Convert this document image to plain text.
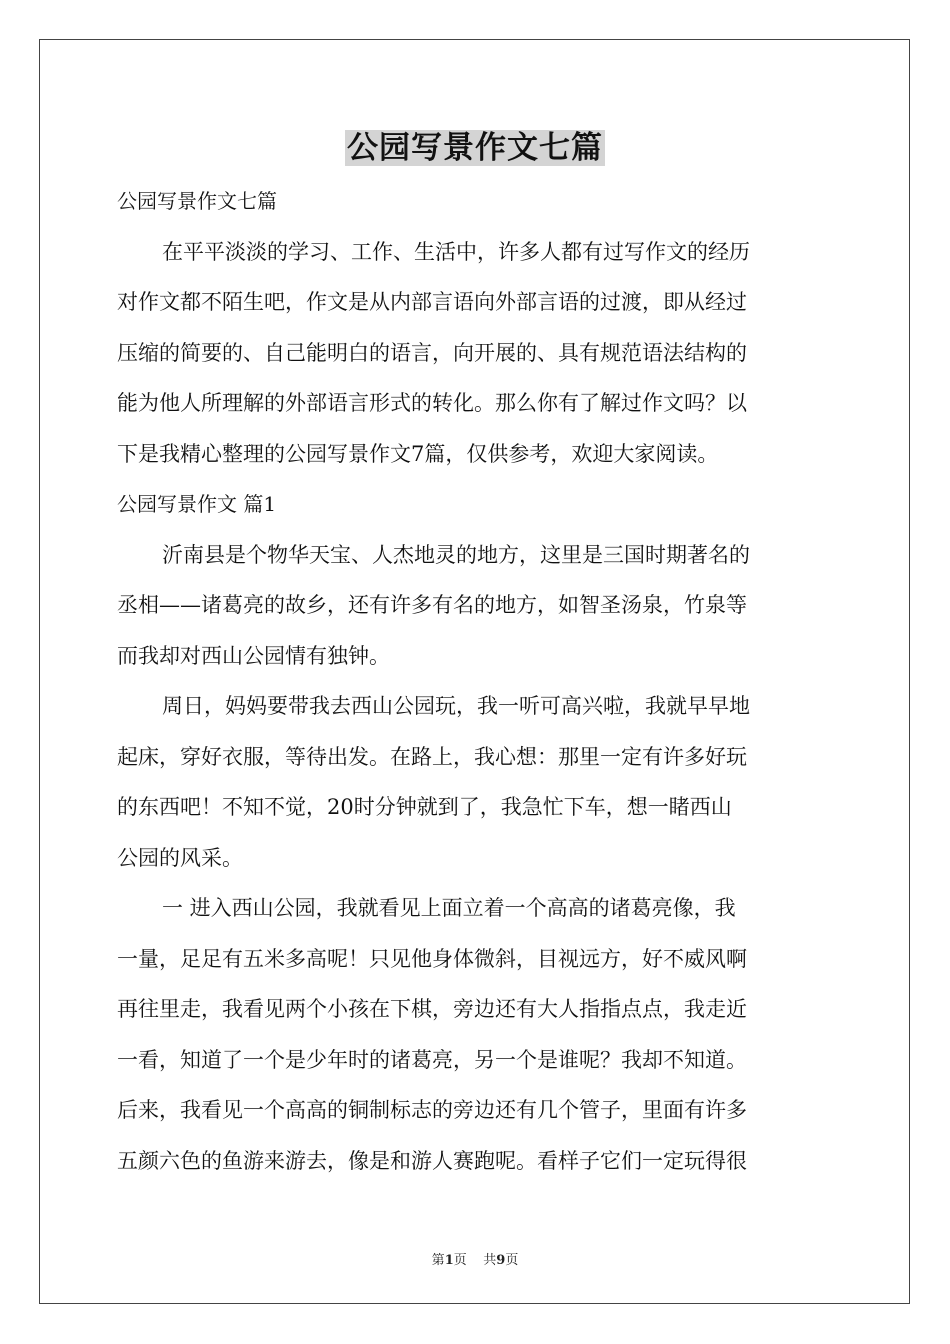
公园写景作文七篇
公园写景作文七篇
在平平淡淡的学习、工作、生活中，许多人都有过写作文的经历
对作文都不陌生吧，作文是从内部言语向外部言语的过渡，即从经过
压缩的简要的、自己能明白的语言，向开展的、具有规范语法结构的
能为他人所理解的外部语言形式的转化。那么你有了解过作文吗？以
下是我精心整理的公园写景作文7篇，仅供参考，欢迎大家阅读。
公园写景作文 篇1
沂南县是个物华天宝、人杰地灵的地方，这里是三国时期著名的
丞相——诸葛亮的故乡，还有许多有名的地方，如智圣汤泉，竹泉等
而我却对西山公园情有独钟。
周日，妈妈要带我去西山公园玩，我一听可高兴啦，我就早早地
起床，穿好衣服，等待出发。在路上，我心想：那里一定有许多好玩
的东西吧！不知不觉，20时分钟就到了，我急忙下车，想一睹西山
公园的风采。
一 进入西山公园，我就看见上面立着一个高高的诸葛亮像，我
一量，足足有五米多高呢！只见他身体微斜，目视远方，好不威风啊
再往里走，我看见两个小孩在下棋，旁边还有大人指指点点，我走近
一看，知道了一个是少年时的诸葛亮，另一个是谁呢？我却不知道。
后来，我看见一个高高的铜制标志的旁边还有几个管子，里面有许多
五颜六色的鱼游来游去，像是和游人赛跑呢。看样子它们一定玩得很
第1页    共9页
